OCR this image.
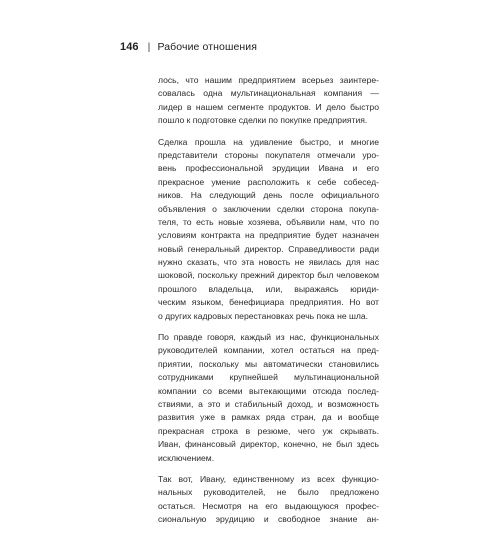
146 | Рабочие отношения
лось, что нашим предприятием всерьез заинтере-
совалась одна мультинациональная компания —
лидер в нашем сегменте продуктов. И дело быстро
пошло к подготовке сделки по покупке предприятия.
Сделка прошла на удивление быстро, и многие
представители стороны покупателя отмечали уро-
вень профессиональной эрудиции Ивана и его
прекрасное умение расположить к себе собесед-
ников. На следующий день после официального
объявления о заключении сделки сторона покупа-
теля, то есть новые хозяева, объявили нам, что по
условиям контракта на предприятие будет назначен
новый генеральный директор. Справедливости ради
нужно сказать, что эта новость не явилась для нас
шоковой, поскольку прежний директор был человеком
прошлого владельца, или, выражаясь юриди-
ческим языком, бенефициара предприятия. Но вот
о других кадровых перестановках речь пока не шла.
По правде говоря, каждый из нас, функциональных
руководителей компании, хотел остаться на пред-
приятии, поскольку мы автоматически становились
сотрудниками крупнейшей мультинациональной
компании со всеми вытекающими отсюда послед-
ствиями, а это и стабильный доход, и возможность
развития уже в рамках ряда стран, да и вообще
прекрасная строка в резюме, чего уж скрывать.
Иван, финансовый директор, конечно, не был здесь
исключением.
Так вот, Ивану, единственному из всех функцио-
нальных руководителей, не было предложено
остаться. Несмотря на его выдающуюся профес-
сиональную эрудицию и свободное знание ан-
